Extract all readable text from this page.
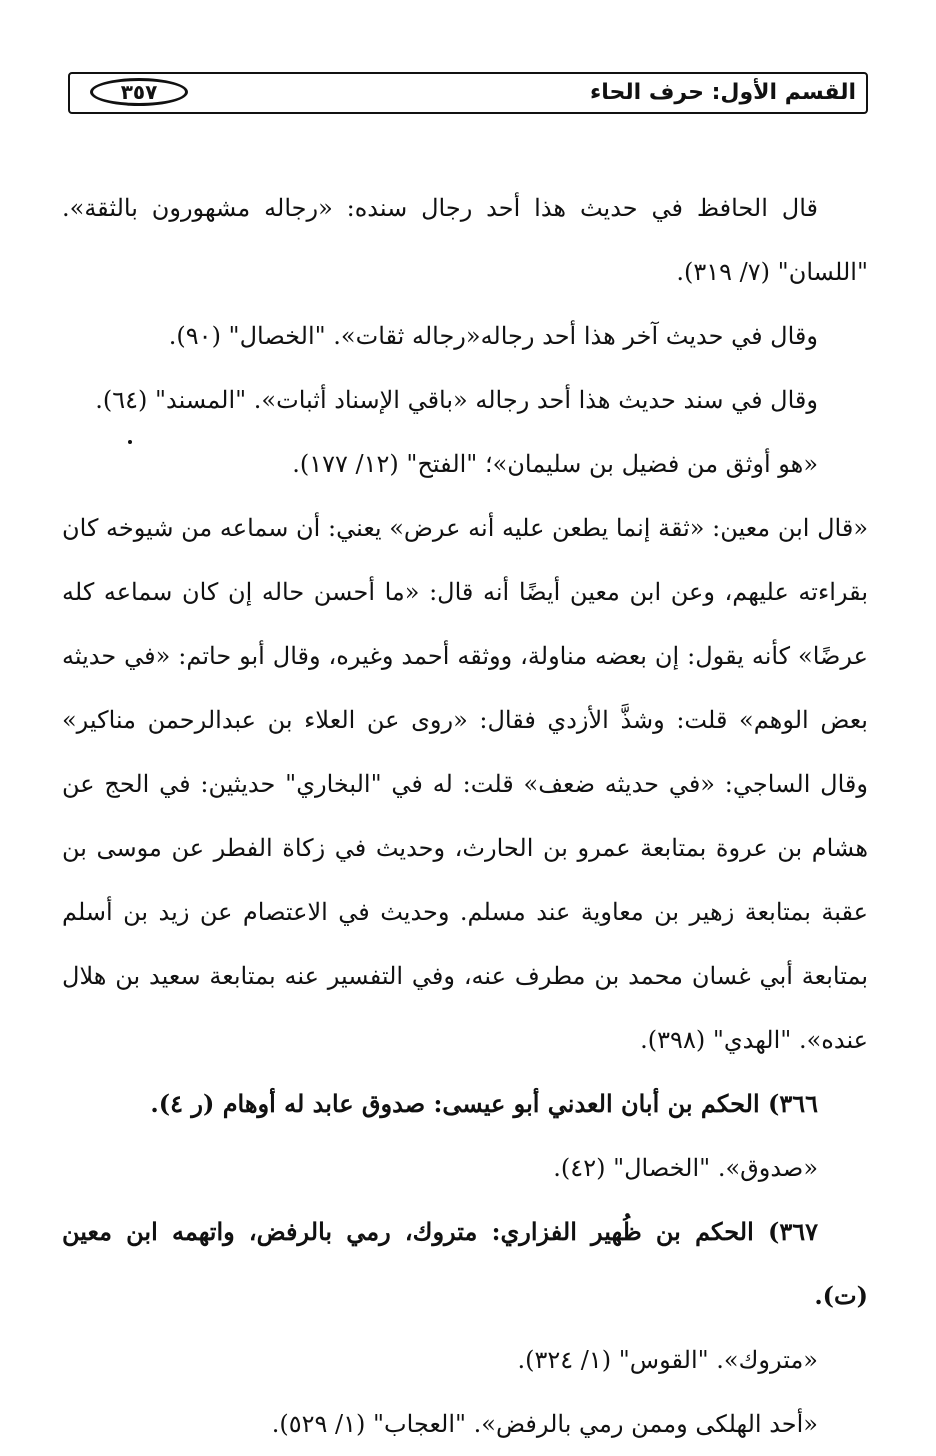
القسم الأول: حرف الحاء
٣٥٧

قال الحافظ في حديث هذا أحد رجال سنده: «رجاله مشهورون بالثقة». "اللسان" (٧/ ٣١٩).

وقال في حديث آخر هذا أحد رجاله«رجاله ثقات». "الخصال" (٩٠).

وقال في سند حديث هذا أحد رجاله «باقي الإسناد أثبات». "المسند" (٦٤).

«هو أوثق من فضيل بن سليمان»؛ "الفتح" (١٢/ ١٧٧).

«قال ابن معين: «ثقة إنما يطعن عليه أنه عرض» يعني: أن سماعه من شيوخه كان بقراءته عليهم، وعن ابن معين أيضًا أنه قال: «ما أحسن حاله إن كان سماعه كله عرضًا» كأنه يقول: إن بعضه مناولة، ووثقه أحمد وغيره، وقال أبو حاتم: «في حديثه بعض الوهم» قلت: وشذَّ الأزدي فقال: «روى عن العلاء بن عبدالرحمن مناكير» وقال الساجي: «في حديثه ضعف» قلت: له في "البخاري" حديثين: في الحج عن هشام بن عروة بمتابعة عمرو بن الحارث، وحديث في زكاة الفطر عن موسى بن عقبة بمتابعة زهير بن معاوية عند مسلم. وحديث في الاعتصام عن زيد بن أسلم بمتابعة أبي غسان محمد بن مطرف عنه، وفي التفسير عنه بمتابعة سعيد بن هلال عنده». "الهدي" (٣٩٨).

٣٦٦) الحكم بن أبان العدني أبو عيسى: صدوق عابد له أوهام (ر ٤).

«صدوق». "الخصال" (٤٢).

٣٦٧) الحكم بن ظُهير الفزاري: متروك، رمي بالرفض، واتهمه ابن معين (ت).

«متروك». "القوس" (١/ ٣٢٤).

«أحد الهلكى وممن رمي بالرفض». "العجاب" (١/ ٥٢٩).
